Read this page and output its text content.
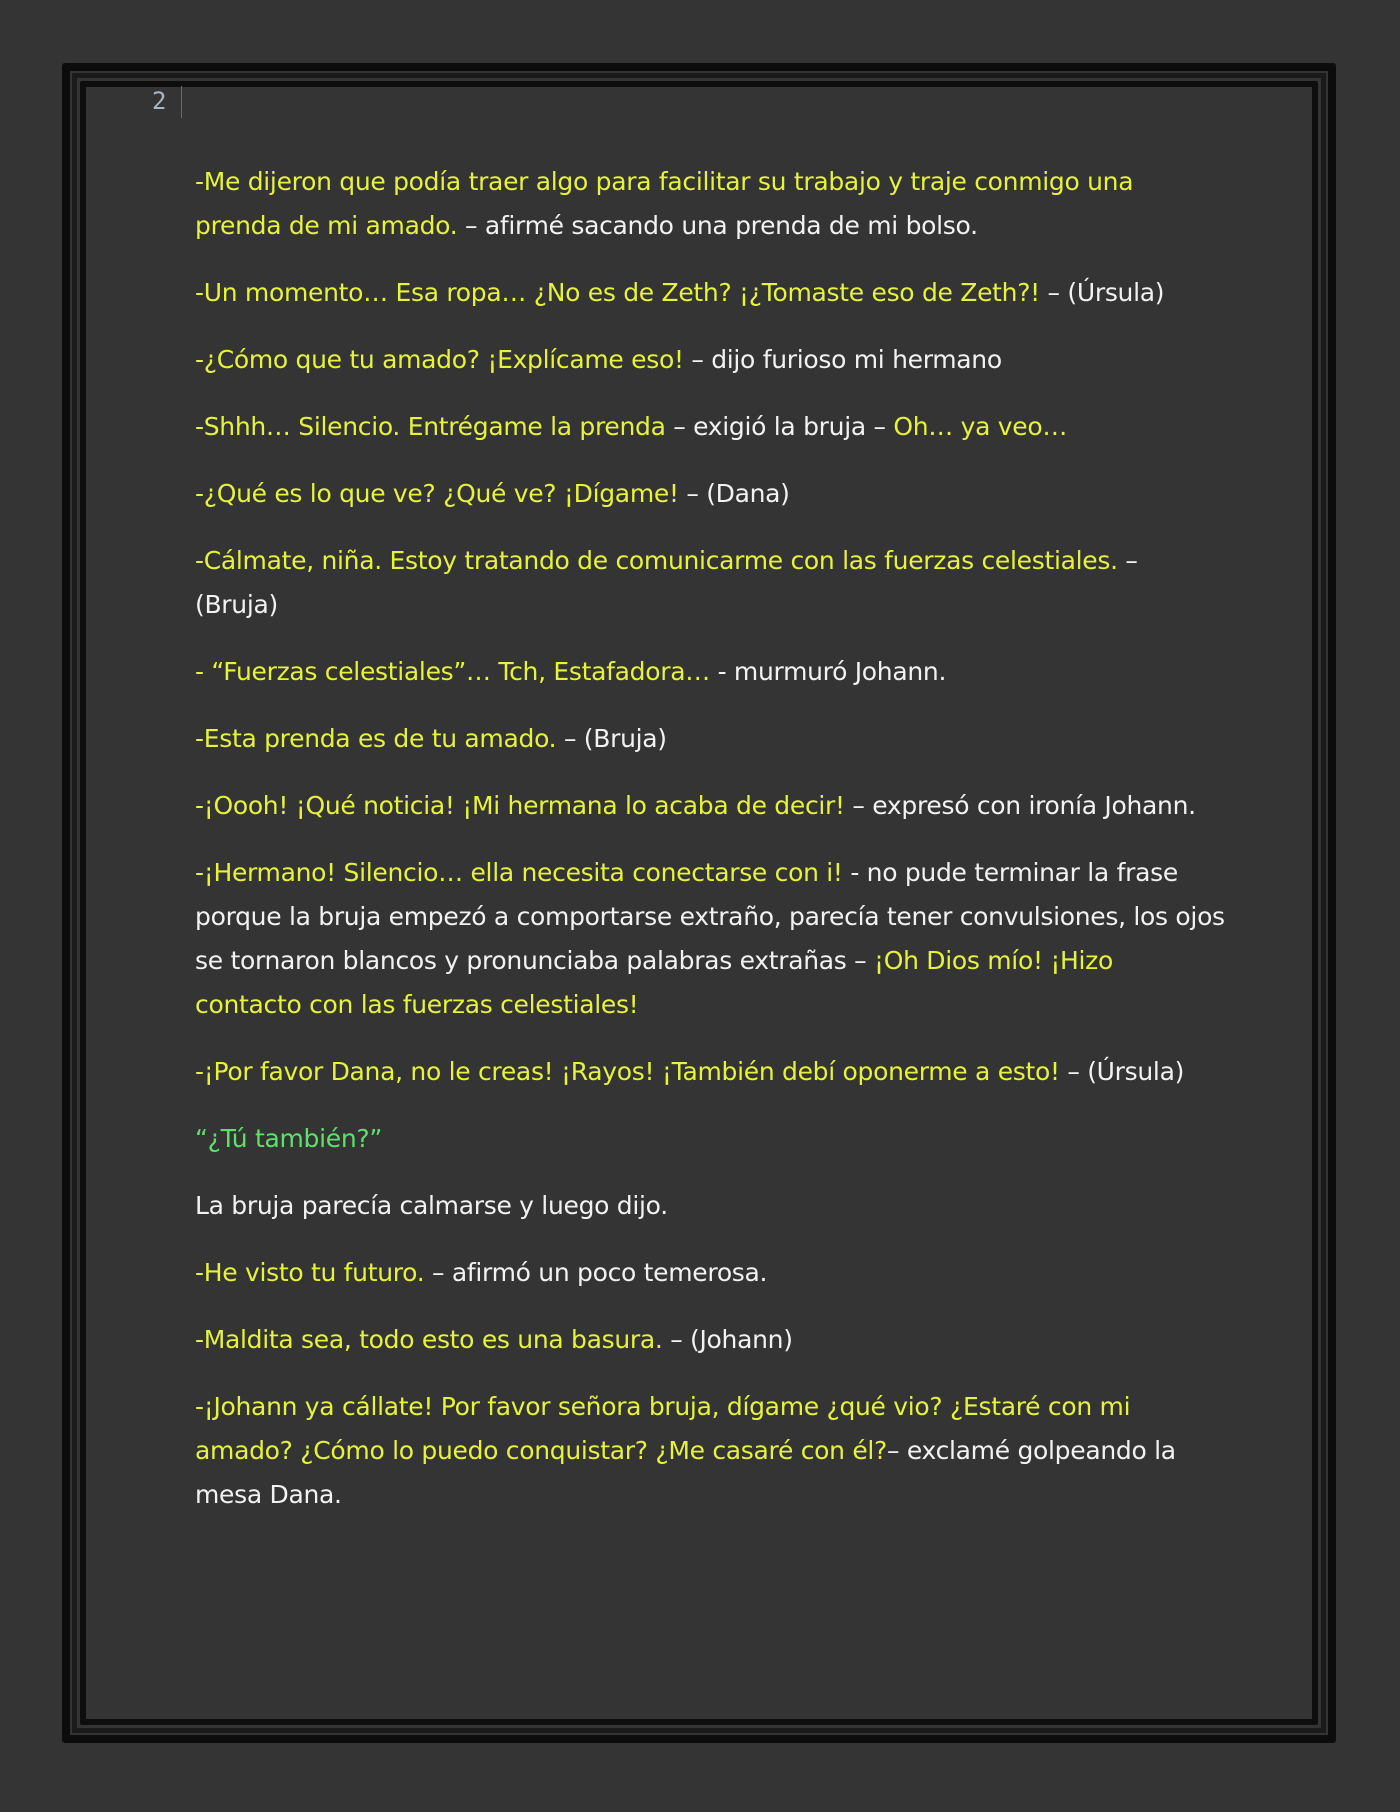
2

-Me dijeron que podía traer algo para facilitar su trabajo y traje conmigo una prenda de mi amado. – afirmé sacando una prenda de mi bolso.

-Un momento… Esa ropa… ¿No es de Zeth? ¡¿Tomaste eso de Zeth?! – (Úrsula)

-¿Cómo que tu amado? ¡Explícame eso! – dijo furioso mi hermano

-Shhh… Silencio. Entrégame la prenda – exigió la bruja – Oh… ya veo…

-¿Qué es lo que ve? ¿Qué ve? ¡Dígame! – (Dana)

-Cálmate, niña. Estoy tratando de comunicarme con las fuerzas celestiales. – (Bruja)

- “Fuerzas celestiales”… Tch, Estafadora… - murmuró Johann.

-Esta prenda es de tu amado. – (Bruja)

-¡Oooh! ¡Qué noticia! ¡Mi hermana lo acaba de decir! – expresó con ironía Johann.

-¡Hermano! Silencio… ella necesita conectarse con i! - no pude terminar la frase porque la bruja empezó a comportarse extraño, parecía tener convulsiones, los ojos se tornaron blancos y pronunciaba palabras extrañas – ¡Oh Dios mío! ¡Hizo contacto con las fuerzas celestiales!

-¡Por favor Dana, no le creas! ¡Rayos! ¡También debí oponerme a esto! – (Úrsula)

“¿Tú también?”

La bruja parecía calmarse y luego dijo.

-He visto tu futuro. – afirmó un poco temerosa.

-Maldita sea, todo esto es una basura. – (Johann)

-¡Johann ya cállate! Por favor señora bruja, dígame ¿qué vio? ¿Estaré con mi amado? ¿Cómo lo puedo conquistar? ¿Me casaré con él?– exclamé golpeando la mesa Dana.
